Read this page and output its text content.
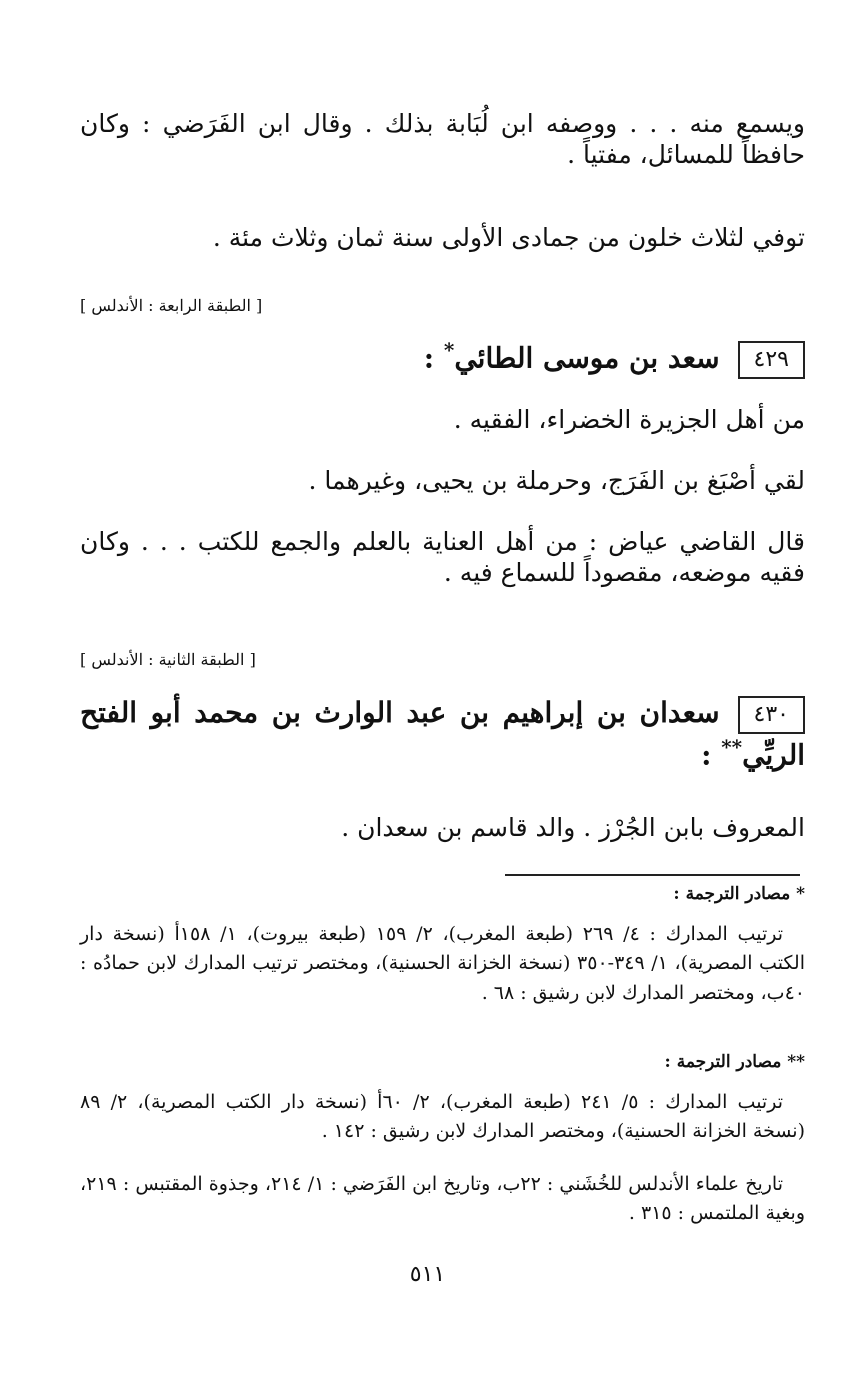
ويسمع منه . . . ووصفه ابن لُبَابة بذلك . وقال ابن الفَرَضي : وكان حافظاً للمسائل، مفتياً .

توفي لثلاث خلون من جمادى الأولى سنة ثمان وثلاث مئة .

[ الطبقة الرابعة : الأندلس ]
٤٢٩سعد بن موسى الطائي* :

من أهل الجزيرة الخضراء، الفقيه .

لقي أصْبَغ بن الفَرَج، وحرملة بن يحيى، وغيرهما .

قال القاضي عياض : من أهل العناية بالعلم والجمع للكتب . . . وكان فقيه موضعه، مقصوداً للسماع فيه .

[ الطبقة الثانية : الأندلس ]
٤٣٠سعدان بن إبراهيم بن عبد الوارث بن محمد أبو الفتح الريِّي** :

المعروف بابن الجُرْز . والد قاسم بن سعدان .

* مصادر الترجمة :

ترتيب المدارك : ٤/ ٢٦٩ (طبعة المغرب)، ٢/ ١٥٩ (طبعة بيروت)، ١/ ١٥٨أ (نسخة دار الكتب المصرية)، ١/ ٣٤٩-٣٥٠ (نسخة الخزانة الحسنية)، ومختصر ترتيب المدارك لابن حمادُه : ٤٠ب، ومختصر المدارك لابن رشيق : ٦٨ .

** مصادر الترجمة :

ترتيب المدارك : ٥/ ٢٤١ (طبعة المغرب)، ٢/ ٦٠أ (نسخة دار الكتب المصرية)، ٢/ ٨٩ (نسخة الخزانة الحسنية)، ومختصر المدارك لابن رشيق : ١٤٢ .

تاريخ علماء الأندلس للخُشَني : ٢٢ب، وتاريخ ابن الفَرَضي : ١/ ٢١٤، وجذوة المقتبس : ٢١٩، وبغية الملتمس : ٣١٥ .

٥١١
